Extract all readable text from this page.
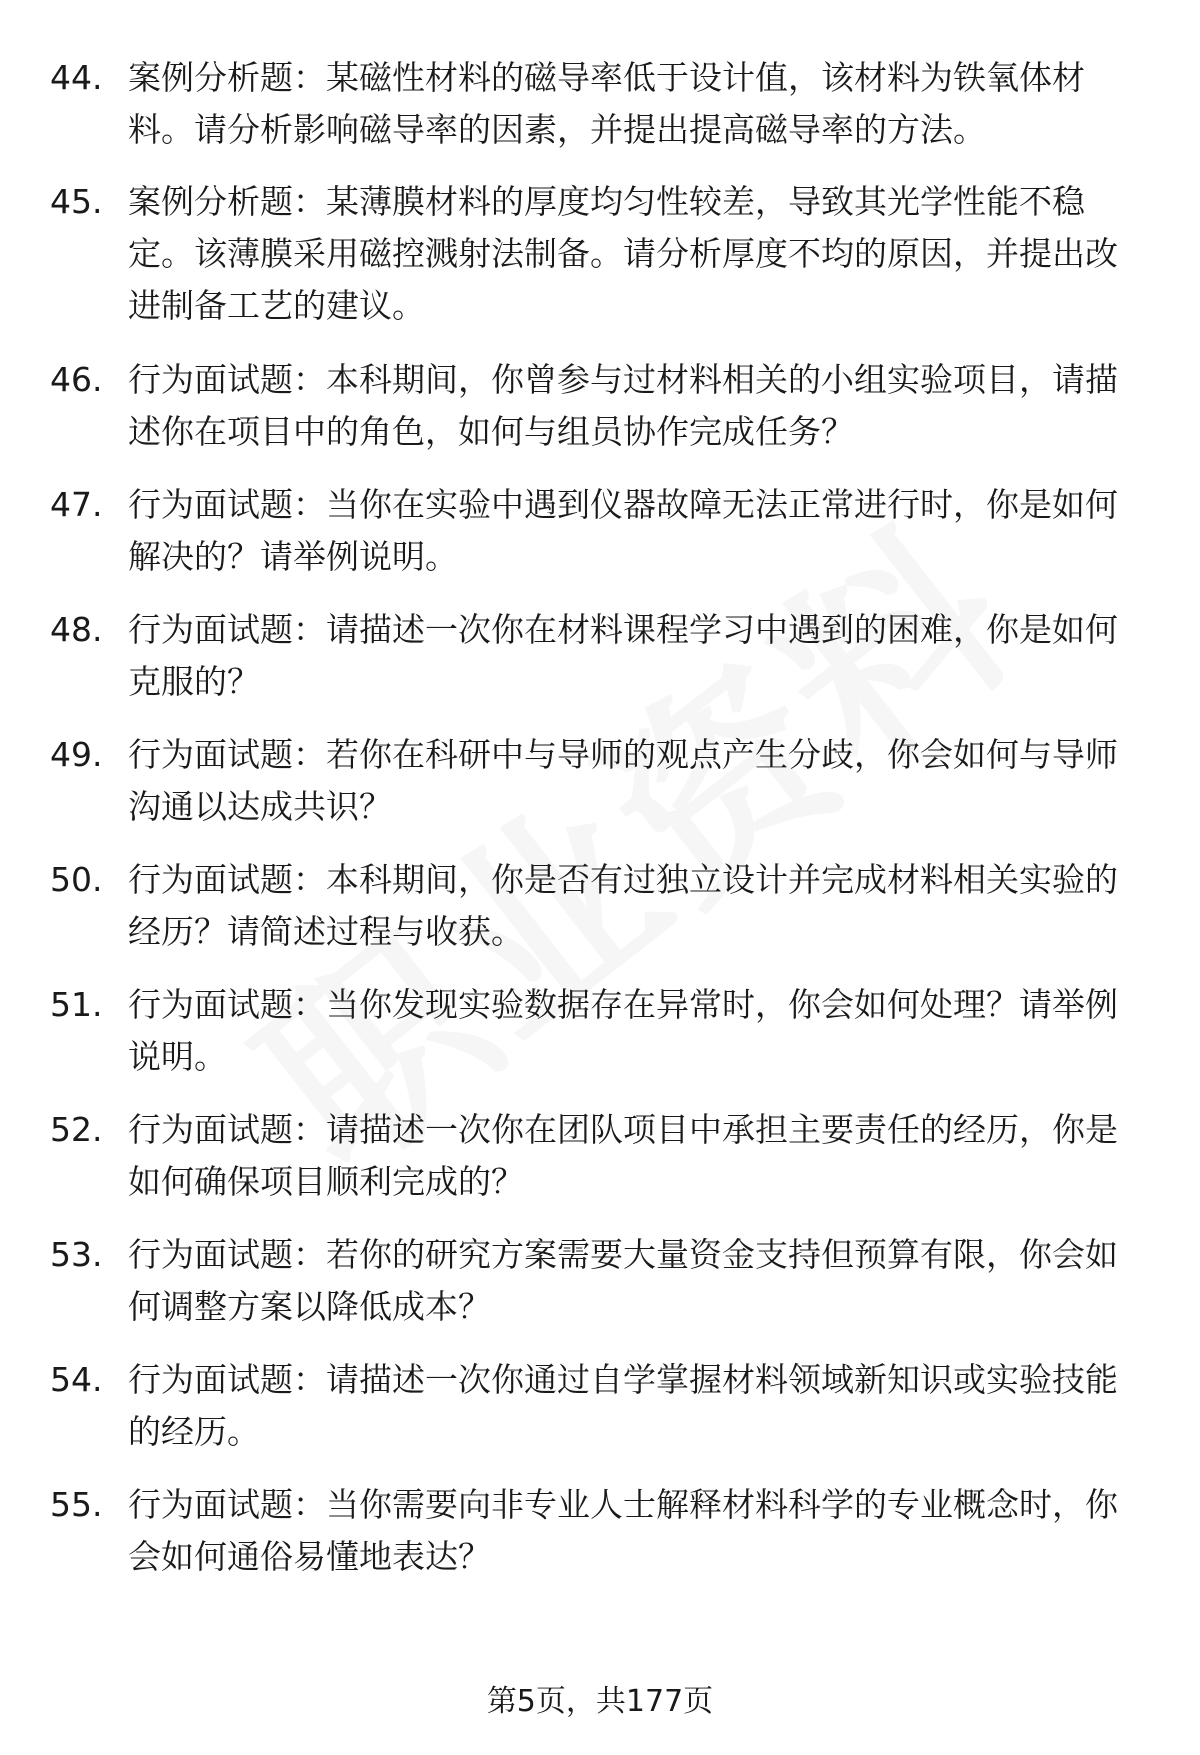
44. 案例分析题：某磁性材料的磁导率低于设计值，该材料为铁氧体材料。请分析影响磁导率的因素，并提出提高磁导率的方法。
45. 案例分析题：某薄膜材料的厚度均匀性较差，导致其光学性能不稳定。该薄膜采用磁控溅射法制备。请分析厚度不均的原因，并提出改进制备工艺的建议。
46. 行为面试题：本科期间，你曾参与过材料相关的小组实验项目，请描述你在项目中的角色，如何与组员协作完成任务？
47. 行为面试题：当你在实验中遇到仪器故障无法正常进行时，你是如何解决的？请举例说明。
48. 行为面试题：请描述一次你在材料课程学习中遇到的困难，你是如何克服的？
49. 行为面试题：若你在科研中与导师的观点产生分歧，你会如何与导师沟通以达成共识？
50. 行为面试题：本科期间，你是否有过独立设计并完成材料相关实验的经历？请简述过程与收获。
51. 行为面试题：当你发现实验数据存在异常时，你会如何处理？请举例说明。
52. 行为面试题：请描述一次你在团队项目中承担主要责任的经历，你是如何确保项目顺利完成的？
53. 行为面试题：若你的研究方案需要大量资金支持但预算有限，你会如何调整方案以降低成本？
54. 行为面试题：请描述一次你通过自学掌握材料领域新知识或实验技能的经历。
55. 行为面试题：当你需要向非专业人士解释材料科学的专业概念时，你会如何通俗易懂地表达？
第5页，共177页
